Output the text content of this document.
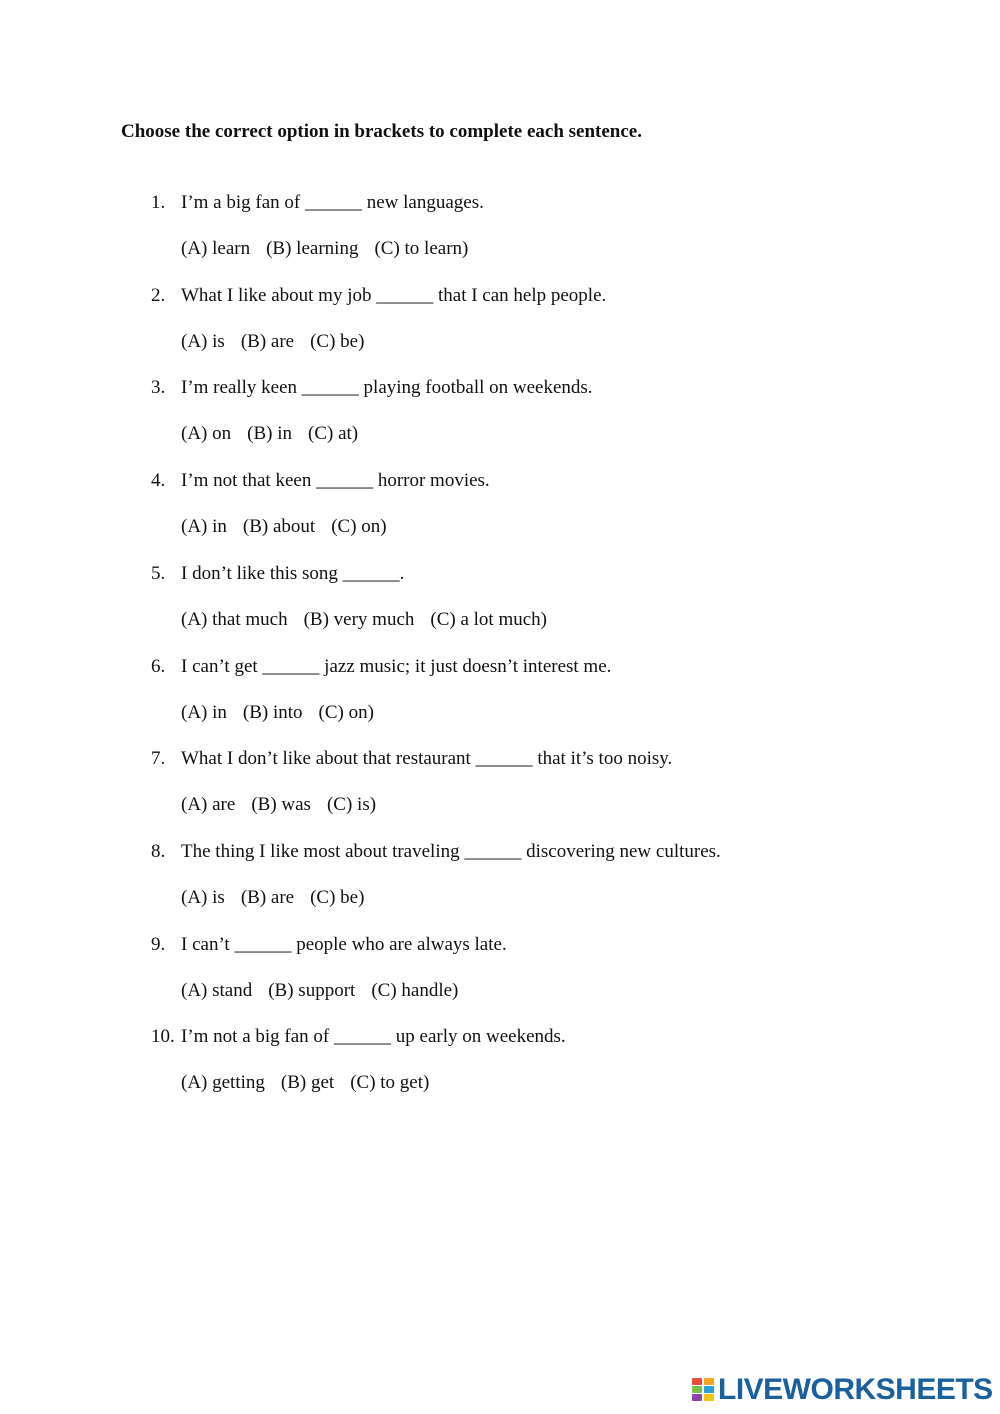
Choose the correct option in brackets to complete each sentence.
1. I’m a big fan of ______ new languages.
(A) learn (B) learning (C) to learn)
2. What I like about my job ______ that I can help people.
(A) is (B) are (C) be)
3. I’m really keen ______ playing football on weekends.
(A) on (B) in (C) at)
4. I’m not that keen ______ horror movies.
(A) in (B) about (C) on)
5. I don’t like this song ______.
(A) that much (B) very much (C) a lot much)
6. I can’t get ______ jazz music; it just doesn’t interest me.
(A) in (B) into (C) on)
7. What I don’t like about that restaurant ______ that it’s too noisy.
(A) are (B) was (C) is)
8. The thing I like most about traveling ______ discovering new cultures.
(A) is (B) are (C) be)
9. I can’t ______ people who are always late.
(A) stand (B) support (C) handle)
10. I’m not a big fan of ______ up early on weekends.
(A) getting (B) get (C) to get)
LIVEWORKSHEETS
